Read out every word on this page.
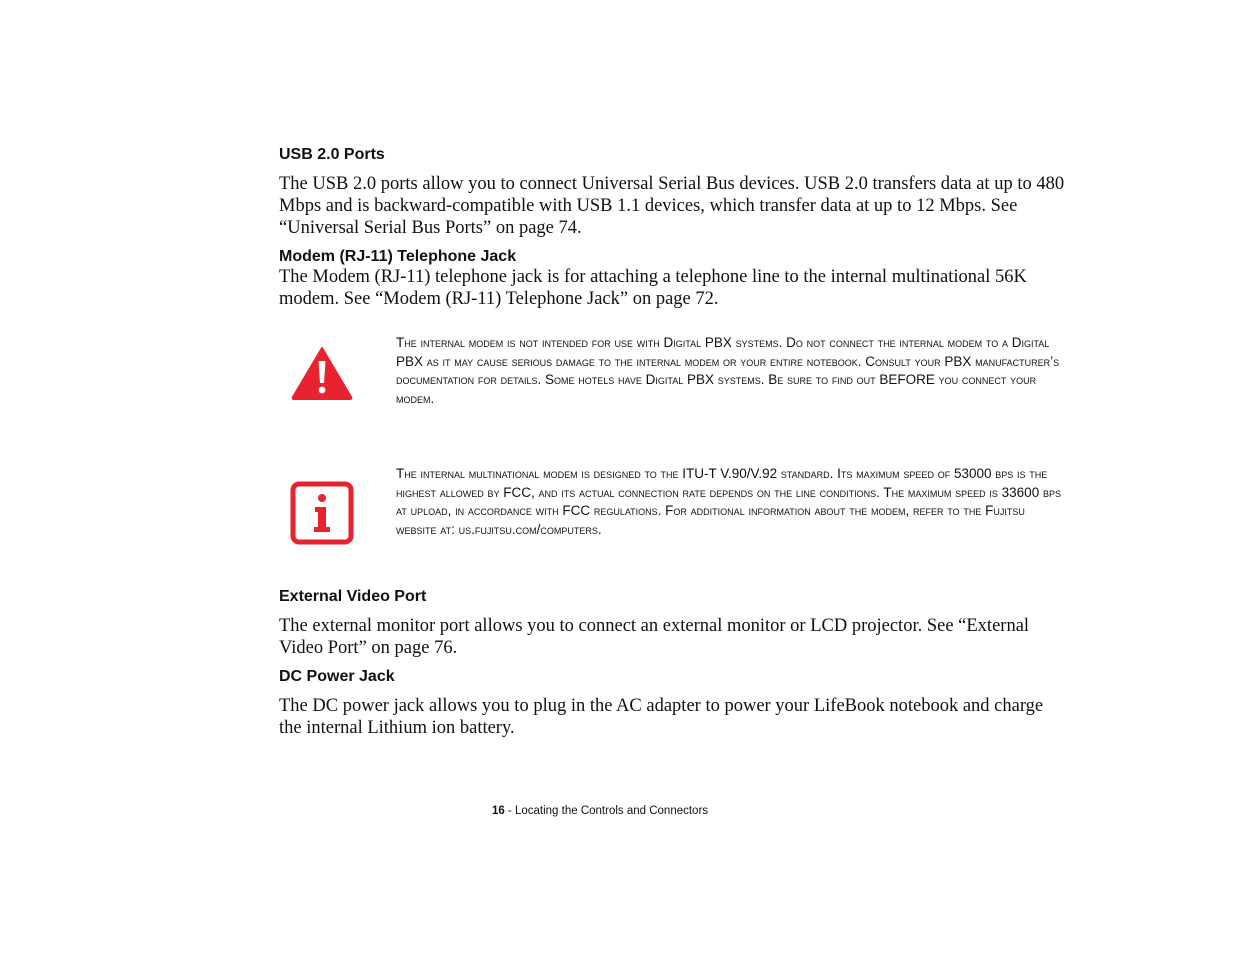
USB 2.0 Ports

The USB 2.0 ports allow you to connect Universal Serial Bus devices. USB 2.0 transfers data at up to 480 Mbps and is backward-compatible with USB 1.1 devices, which transfer data at up to 12 Mbps. See “Universal Serial Bus Ports” on page 74.

Modem (RJ-11) Telephone Jack

The Modem (RJ-11) telephone jack is for attaching a telephone line to the internal multinational 56K modem. See “Modem (RJ-11) Telephone Jack” on page 72.

The internal modem is not intended for use with Digital PBX systems. Do not connect the internal modem to a Digital PBX as it may cause serious damage to the internal modem or your entire notebook. Consult your PBX manufacturer’s documentation for details. Some hotels have Digital PBX systems. Be sure to find out BEFORE you connect your modem.

The internal multinational modem is designed to the ITU-T V.90/V.92 standard. Its maximum speed of 53000 bps is the highest allowed by FCC, and its actual connection rate depends on the line conditions. The maximum speed is 33600 bps at upload, in accordance with FCC regulations. For additional information about the modem, refer to the Fujitsu website at: us.fujitsu.com/computers.

External Video Port

The external monitor port allows you to connect an external monitor or LCD projector. See “External Video Port” on page 76.

DC Power Jack

The DC power jack allows you to plug in the AC adapter to power your LifeBook notebook and charge the internal Lithium ion battery.

16 - Locating the Controls and Connectors
